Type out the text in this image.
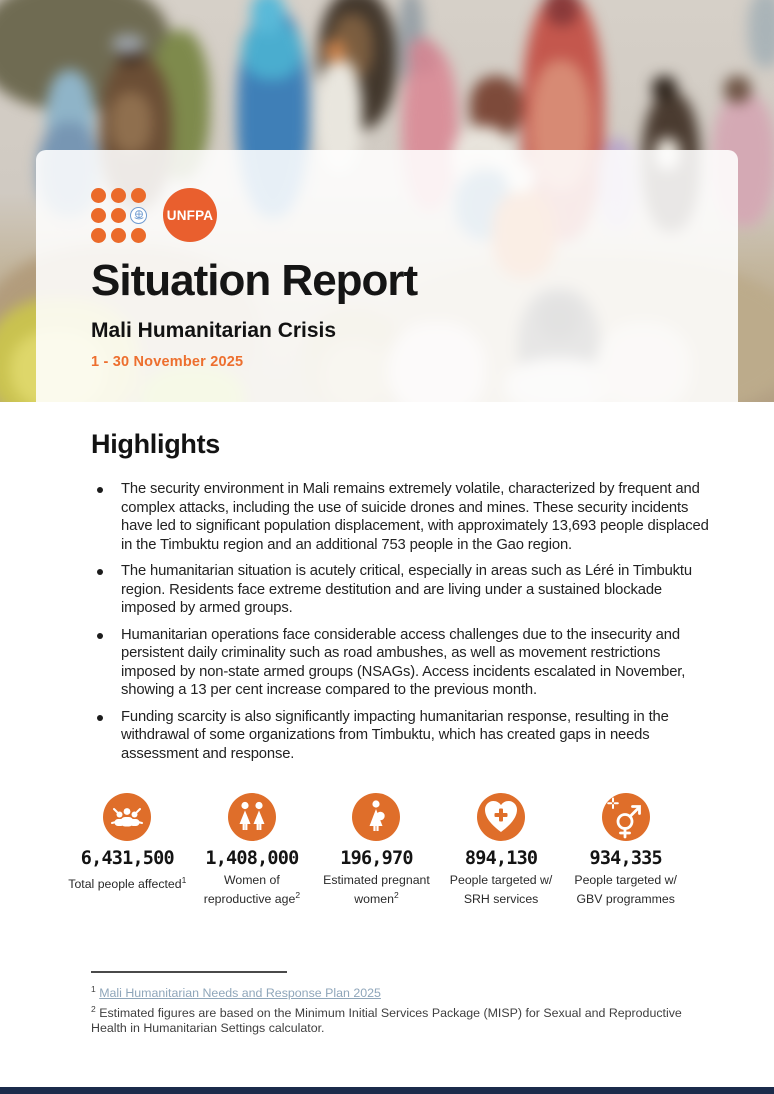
UNFPA
Situation Report
Mali Humanitarian Crisis
1 - 30 November 2025
Highlights

The security environment in Mali remains extremely volatile, characterized by frequent and complex attacks, including the use of suicide drones and mines. These security incidents have led to significant population displacement, with approximately 13,693 people displaced in the Timbuktu region and an additional 753 people in the Gao region.

The humanitarian situation is acutely critical, especially in areas such as Léré in Timbuktu region. Residents face extreme destitution and are living under a sustained blockade imposed by armed groups.

Humanitarian operations face considerable access challenges due to the insecurity and persistent daily criminality such as road ambushes, as well as movement restrictions imposed by non-state armed groups (NSAGs). Access incidents escalated in November, showing a 13 per cent increase compared to the previous month.

Funding scarcity is also significantly impacting humanitarian response, resulting in the withdrawal of some organizations from Timbuktu, which has created gaps in needs assessment and response.

6,431,500
Total people affected$^1$
1,408,000
Women of reproductive age$^2$
196,970
Estimated pregnant women$^2$
894,130
People targeted w/ SRH services
934,335
People targeted w/ GBV programmes
$^1$ Mali Humanitarian Needs and Response Plan 2025
$^2$ Estimated figures are based on the Minimum Initial Services Package (MISP) for Sexual and Reproductive Health in Humanitarian Settings calculator.
